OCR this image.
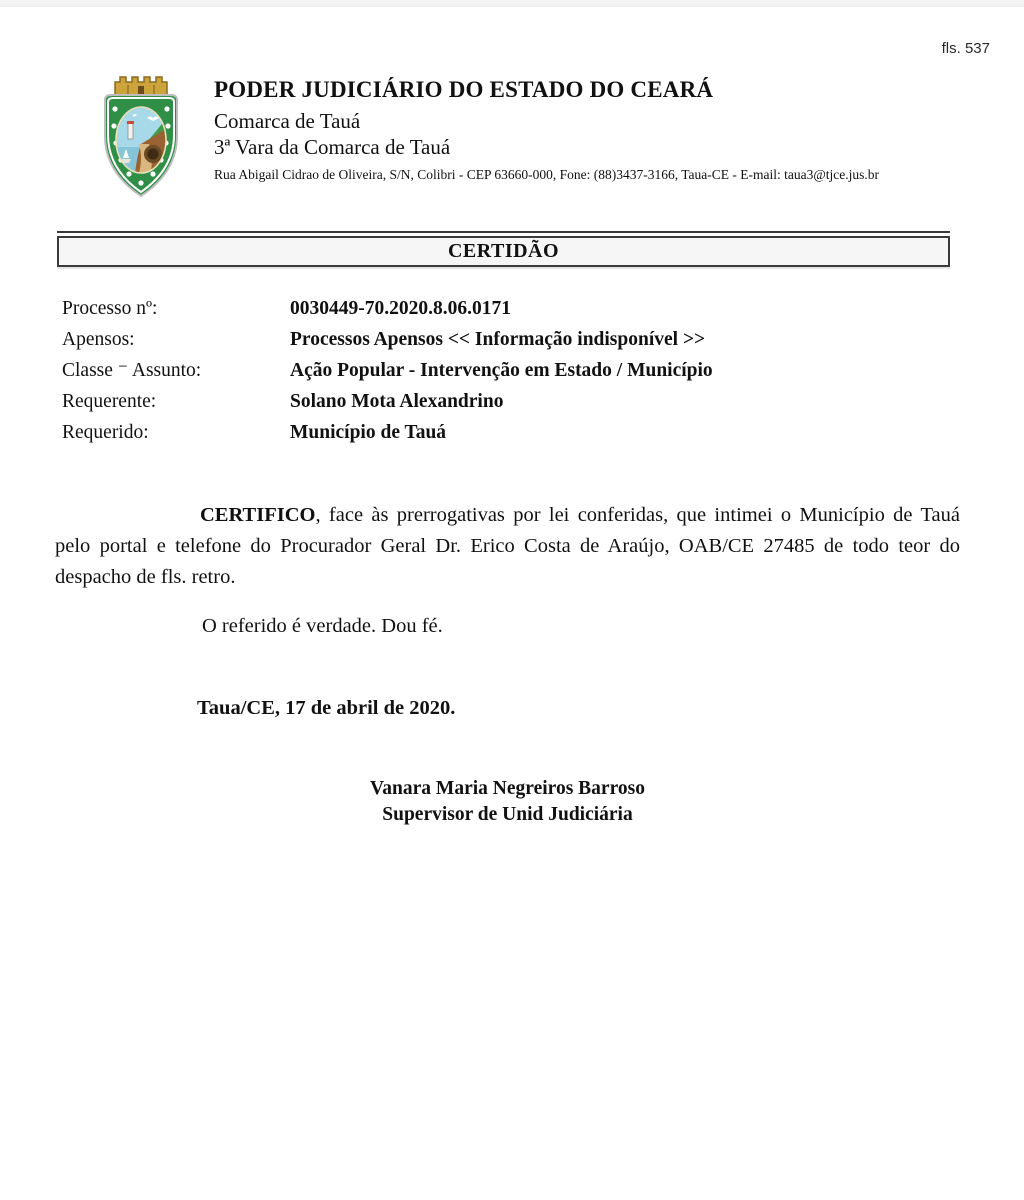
fls. 537
PODER JUDICIÁRIO DO ESTADO DO CEARÁ
Comarca de Tauá
3ª Vara da Comarca de Tauá
Rua Abigail Cidrao de Oliveira, S/N, Colibri - CEP 63660-000, Fone: (88)3437-3166, Taua-CE - E-mail: taua3@tjce.jus.br
CERTIDÃO
Processo nº:	0030449-70.2020.8.06.0171
Apensos:	Processos Apensos << Informação indisponível >>
Classe ⁻ Assunto:	Ação Popular - Intervenção em Estado / Município
Requerente:	Solano Mota Alexandrino
Requerido:	Município de Tauá

CERTIFICO, face às prerrogativas por lei conferidas, que intimei o Município de Tauá pelo portal e telefone do Procurador Geral Dr. Erico Costa de Araújo, OAB/CE 27485 de todo teor do despacho de fls. retro.

O referido é verdade. Dou fé.

Taua/CE, 17 de abril de 2020.

Vanara Maria Negreiros Barroso
Supervisor de Unid Judiciária
